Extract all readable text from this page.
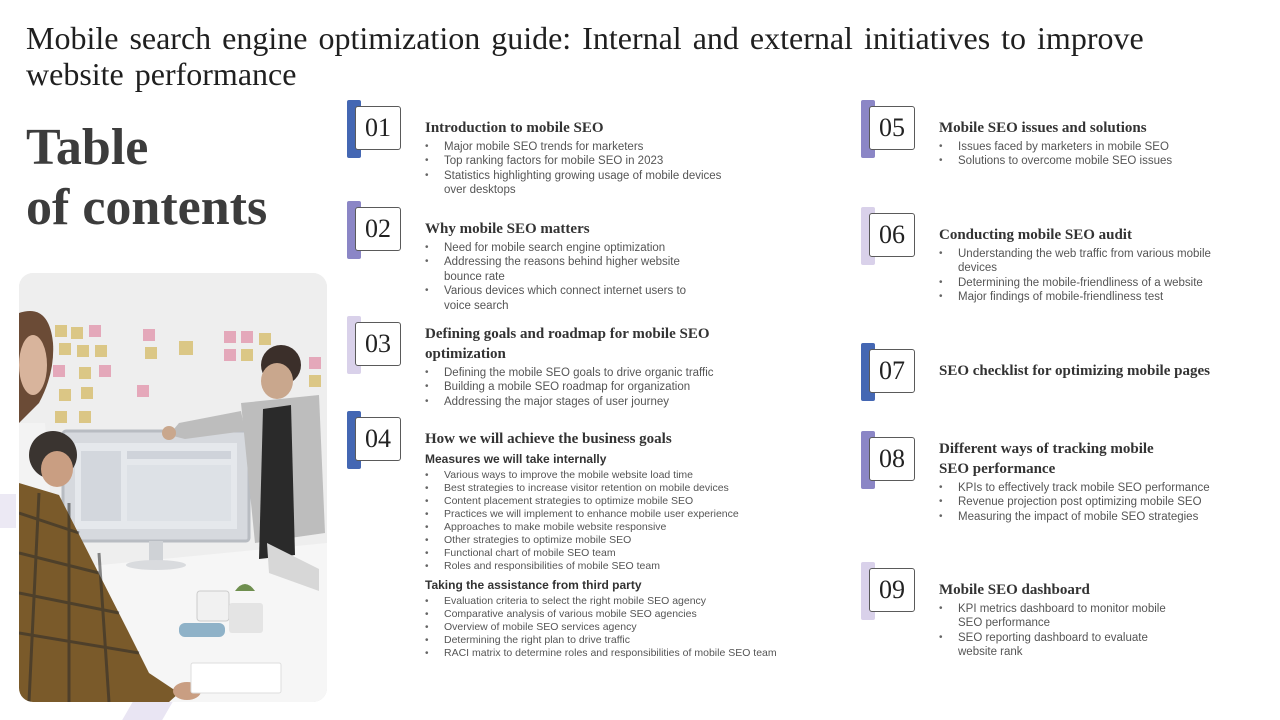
Mobile search engine optimization guide: Internal and external initiatives to improve website performance
Table
of contents
01
02
03
04
05
06
07
08
09
Introduction to mobile SEO
• Major mobile SEO trends for marketers
• Top ranking factors for mobile SEO in 2023
• Statistics highlighting growing usage of mobile devices over desktops
Why mobile SEO matters
• Need for mobile search engine optimization
• Addressing the reasons behind higher website bounce rate
• Various devices which connect internet users to voice search
Defining goals and roadmap for mobile SEO optimization
• Defining the mobile SEO goals to drive organic traffic
• Building a mobile SEO roadmap for organization
• Addressing the major stages of user journey
How we will achieve the business goals
Measures we will take internally
• Various ways to improve the mobile website load time
• Best strategies to increase visitor retention on mobile devices
• Content placement strategies to optimize mobile SEO
• Practices we will implement to enhance mobile user experience
• Approaches to make mobile website responsive
• Other strategies to optimize mobile SEO
• Functional chart of mobile SEO team
• Roles and responsibilities of mobile SEO team
Taking the assistance from third party
• Evaluation criteria to select the right mobile SEO agency
• Comparative analysis of various mobile SEO agencies
• Overview of mobile SEO services agency
• Determining the right plan to drive traffic
• RACI matrix to determine roles and responsibilities of mobile SEO team
Mobile SEO issues and solutions
• Issues faced by marketers in mobile SEO
• Solutions to overcome mobile SEO issues
Conducting mobile SEO audit
• Understanding the web traffic from various mobile devices
• Determining the mobile-friendliness of a website
• Major findings of mobile-friendliness test
SEO checklist for optimizing mobile pages
Different ways of tracking mobile SEO performance
• KPIs to effectively track mobile SEO performance
• Revenue projection post optimizing mobile SEO
• Measuring the impact of mobile SEO strategies
Mobile SEO dashboard
• KPI metrics dashboard to monitor mobile SEO performance
• SEO reporting dashboard to evaluate website rank
